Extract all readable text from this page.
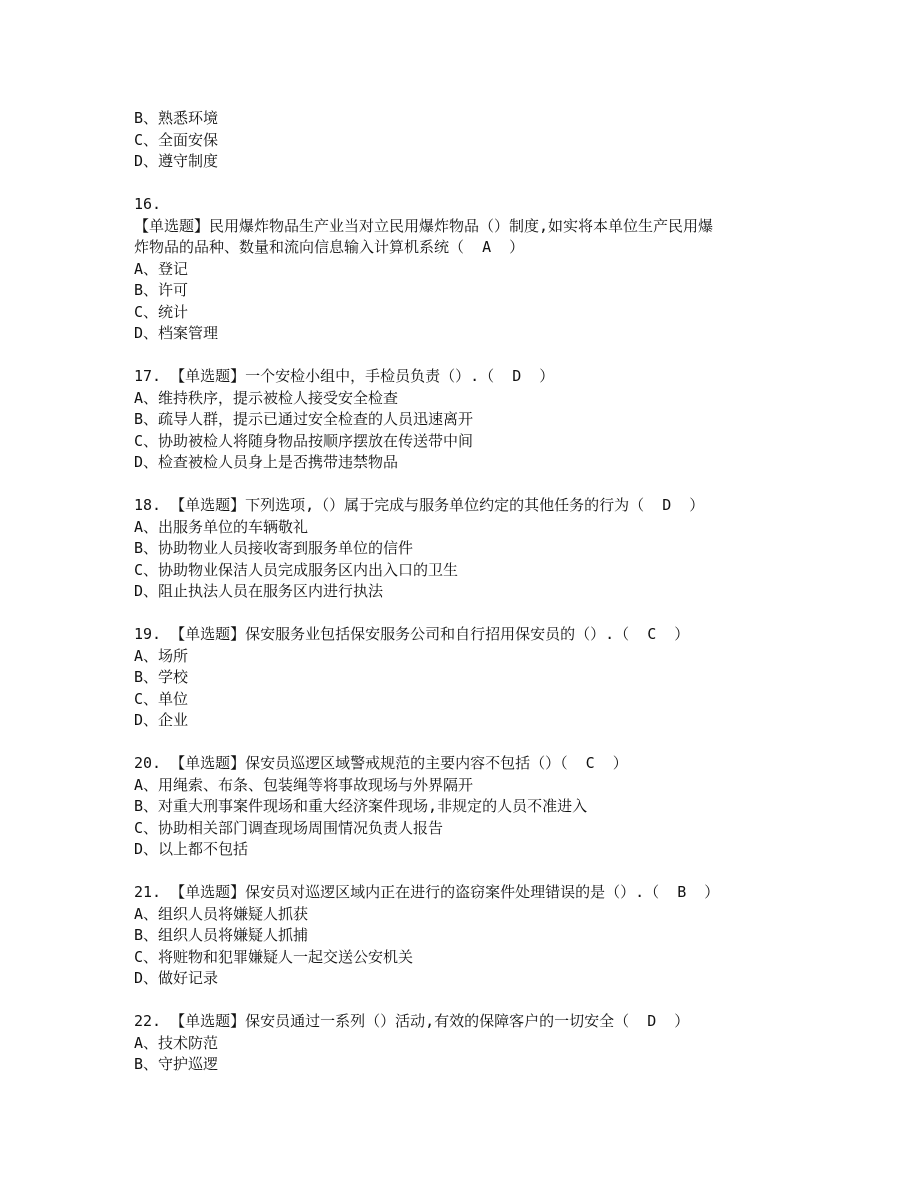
B、熟悉环境
C、全面安保
D、遵守制度
16.
【单选题】民用爆炸物品生产业当对立民用爆炸物品（）制度,如实将本单位生产民用爆
炸物品的品种、数量和流向信息输入计算机系统（  A  ）
A、登记
B、许可
C、统计
D、档案管理
17. 【单选题】一个安检小组中，手检员负责（）.（  D  ）
A、维持秩序，提示被检人接受安全检查
B、疏导人群，提示已通过安全检查的人员迅速离开
C、协助被检人将随身物品按顺序摆放在传送带中间
D、检查被检人员身上是否携带违禁物品
18. 【单选题】下列选项,（）属于完成与服务单位约定的其他任务的行为（  D  ）
A、出服务单位的车辆敬礼
B、协助物业人员接收寄到服务单位的信件
C、协助物业保洁人员完成服务区内出入口的卫生
D、阻止执法人员在服务区内进行执法
19. 【单选题】保安服务业包括保安服务公司和自行招用保安员的（）.（  C  ）
A、场所
B、学校
C、单位
D、企业
20. 【单选题】保安员巡逻区域警戒规范的主要内容不包括（）（  C  ）
A、用绳索、布条、包装绳等将事故现场与外界隔开
B、对重大刑事案件现场和重大经济案件现场,非规定的人员不准进入
C、协助相关部门调查现场周围情况负责人报告
D、以上都不包括
21. 【单选题】保安员对巡逻区域内正在进行的盗窃案件处理错误的是（）.（  B  ）
A、组织人员将嫌疑人抓获
B、组织人员将嫌疑人抓捕
C、将赃物和犯罪嫌疑人一起交送公安机关
D、做好记录
22. 【单选题】保安员通过一系列（）活动,有效的保障客户的一切安全（  D  ）
A、技术防范
B、守护巡逻
